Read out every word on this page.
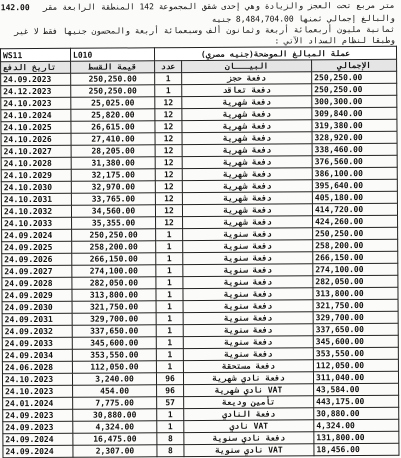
142.00 متر مربع تحت العجز والزيادة وهي إحدى شقق المجموعة 142 المنطقة الرابعة مقر
والبالغ إجمالي ثمنها 8,484,704.00 جنيه
ثمانية مليون أربعمائة أربعة وثمانون ألف وسبعمائة أربعة والمحسون جنيها فقط لا غير
وطبقا لنظام السداد الآتي :
WS11	L010	عملة المبالغ الموضحة(جنيه مصري)		
تاريخ الدفع	قيمة القسط	عدد	البيـــان	الإجمالي
24.09.2023	250,250.00	1	دفعة حجز	250,250.00
24.12.2023	250,250.00	1	دفعة تعاقد	250,250.00
24.10.2023	25,025.00	12	دفعة شهرية	300,300.00
24.10.2024	25,820.00	12	دفعة شهرية	309,840.00
24.10.2025	26,615.00	12	دفعة شهرية	319,380.00
24.10.2026	27,410.00	12	دفعة شهرية	328,920.00
24.10.2027	28,205.00	12	دفعة شهرية	338,460.00
24.10.2028	31,380.00	12	دفعة شهرية	376,560.00
24.10.2029	32,175.00	12	دفعة شهرية	386,100.00
24.10.2030	32,970.00	12	دفعة شهرية	395,640.00
24.10.2031	33,765.00	12	دفعة شهرية	405,180.00
24.10.2032	34,560.00	12	دفعة شهرية	414,720.00
24.10.2033	35,355.00	12	دفعة شهرية	424,260.00
24.09.2024	250,250.00	1	دفعة سنوية	250,250.00
24.09.2025	258,200.00	1	دفعة سنوية	258,200.00
24.09.2026	266,150.00	1	دفعة سنوية	266,150.00
24.09.2027	274,100.00	1	دفعة سنوية	274,100.00
24.09.2028	282,050.00	1	دفعة سنوية	282,050.00
24.09.2029	313,800.00	1	دفعة سنوية	313,800.00
24.09.2030	321,750.00	1	دفعة سنوية	321,750.00
24.09.2031	329,700.00	1	دفعة سنوية	329,700.00
24.09.2032	337,650.00	1	دفعة سنوية	337,650.00
24.09.2033	345,600.00	1	دفعة سنوية	345,600.00
24.09.2034	353,550.00	1	دفعة سنوية	353,550.00
24.06.2028	112,050.00	1	دفعة مستحقة	112,050.00
24.10.2023	3,240.00	96	دفعة نادي شهرية	311,040.00
24.10.2023	454.00	96	VAT نادي شهرية	43,584.00
24.01.2024	7,775.00	57	تأمين وديعة	443,175.00
24.09.2023	30,880.00	1	دفعة النادي	30,880.00
24.09.2023	4,324.00	1	VAT نادي	4,324.00
24.09.2024	16,475.00	8	دفعة نادي سنوية	131,800.00
24.09.2024	2,307.00	8	VAT نادي سنوية	18,456.00
